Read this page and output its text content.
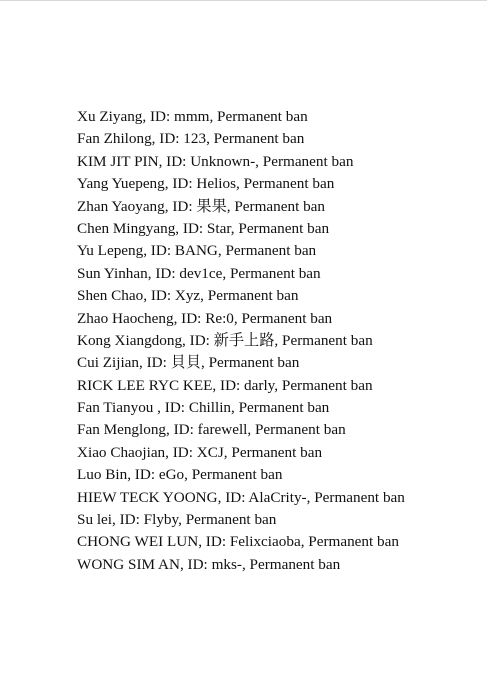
Xu Ziyang, ID: mmm, Permanent ban
Fan Zhilong, ID: 123, Permanent ban
KIM JIT PIN, ID: Unknown-, Permanent ban
Yang Yuepeng, ID: Helios, Permanent ban
Zhan Yaoyang, ID: 果果, Permanent ban
Chen Mingyang, ID: Star, Permanent ban
Yu Lepeng, ID: BANG, Permanent ban
Sun Yinhan, ID: dev1ce, Permanent ban
Shen Chao, ID: Xyz, Permanent ban
Zhao Haocheng, ID: Re:0, Permanent ban
Kong Xiangdong, ID: 新手上路, Permanent ban
Cui Zijian, ID: 貝貝, Permanent ban
RICK LEE RYC KEE, ID: darly, Permanent ban
Fan Tianyou , ID: Chillin, Permanent ban
Fan Menglong, ID: farewell, Permanent ban
Xiao Chaojian, ID: XCJ, Permanent ban
Luo Bin, ID: eGo, Permanent ban
HIEW TECK YOONG, ID: AlaCrity-, Permanent ban
Su lei, ID: Flyby, Permanent ban
CHONG WEI LUN, ID: Felixciaoba, Permanent ban
WONG SIM AN, ID: mks-, Permanent ban
